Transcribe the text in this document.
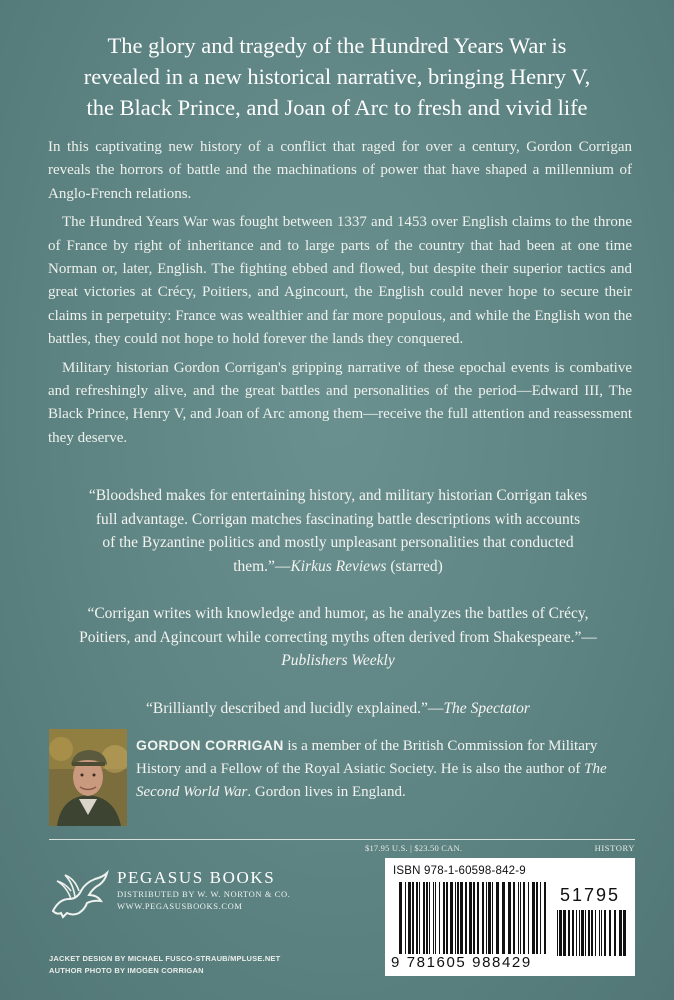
The glory and tragedy of the Hundred Years War is
revealed in a new historical narrative, bringing Henry V,
the Black Prince, and Joan of Arc to fresh and vivid life

In this captivating new history of a conflict that raged for over a century, Gordon Corrigan reveals the horrors of battle and the machinations of power that have shaped a millennium of Anglo-French relations.

The Hundred Years War was fought between 1337 and 1453 over English claims to the throne of France by right of inheritance and to large parts of the country that had been at one time Norman or, later, English. The fighting ebbed and flowed, but despite their superior tactics and great victories at Crécy, Poitiers, and Agincourt, the English could never hope to secure their claims in perpetuity: France was wealthier and far more populous, and while the English won the battles, they could not hope to hold forever the lands they conquered.

Military historian Gordon Corrigan's gripping narrative of these epochal events is combative and refreshingly alive, and the great battles and personalities of the period—Edward III, The Black Prince, Henry V, and Joan of Arc among them—receive the full attention and reassessment they deserve.

“Bloodshed makes for entertaining history, and military historian Corrigan takes full advantage. Corrigan matches fascinating battle descriptions with accounts of the Byzantine politics and mostly unpleasant personalities that conducted them.”—Kirkus Reviews (starred)
“Corrigan writes with knowledge and humor, as he analyzes the battles of Crécy, Poitiers, and Agincourt while correcting myths often derived from Shakespeare.”—Publishers Weekly
“Brilliantly described and lucidly explained.”—The Spectator
GORDON CORRIGAN is a member of the British Commission for Military History and a Fellow of the Royal Asiatic Society. He is also the author of The Second World War. Gordon lives in England.
$17.95 U.S. | $23.50 CAN.	HISTORY
PEGASUS BOOKS
DISTRIBUTED BY W. W. NORTON & CO.
WWW.PEGASUSBOOKS.COM
JACKET DESIGN BY MICHAEL FUSCO-STRAUB/MPLUSE.NET
AUTHOR PHOTO BY IMOGEN CORRIGAN
ISBN 978-1-60598-842-9
51795
9 781605 988429
